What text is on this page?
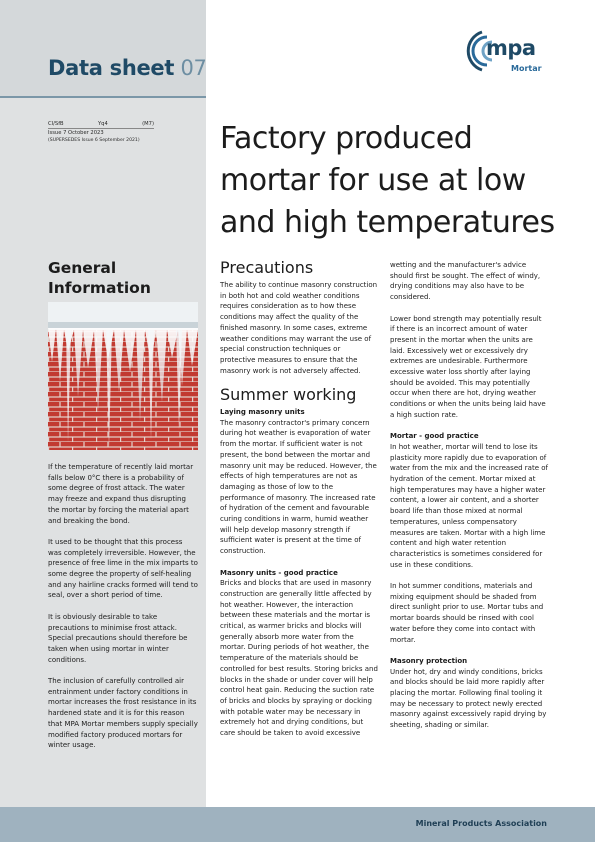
Data sheet 07
mpa
Mortar
CI/SfB	Yq4	(M7)
Issue 7 October 2023
(SUPERSEDES Issue 6 September 2021)	Factory produced
mortar for use at low
and high temperatures
General
Information

If the temperature of recently laid mortar falls below 0°C there is a probability of some degree of frost attack. The water may freeze and expand thus disrupting the mortar by forcing the material apart and breaking the bond.

It used to be thought that this process was completely irreversible. However, the presence of free lime in the mix imparts to some degree the property of self-healing and any hairline cracks formed will tend to seal, over a short period of time.

It is obviously desirable to take precautions to minimise frost attack. Special precautions should therefore be taken when using mortar in winter conditions.

The inclusion of carefully controlled air entrainment under factory conditions in mortar increases the frost resistance in its hardened state and it is for this reason that MPA Mortar members supply specially modified factory produced mortars for winter usage.

Precautions

The ability to continue masonry construction in both hot and cold weather conditions requires consideration as to how these conditions may affect the quality of the finished masonry. In some cases, extreme weather conditions may warrant the use of special construction techniques or protective measures to ensure that the masonry work is not adversely affected.

Summer working
Laying masonry units

The masonry contractor's primary concern during hot weather is evaporation of water from the mortar. If sufficient water is not present, the bond between the mortar and masonry unit may be reduced. However, the effects of high temperatures are not as damaging as those of low to the performance of masonry. The increased rate of hydration of the cement and favourable curing conditions in warm, humid weather will help develop masonry strength if sufficient water is present at the time of construction.

Masonry units - good practice

Bricks and blocks that are used in masonry construction are generally little affected by hot weather. However, the interaction between these materials and the mortar is critical, as warmer bricks and blocks will generally absorb more water from the mortar. During periods of hot weather, the temperature of the materials should be controlled for best results. Storing bricks and blocks in the shade or under cover will help control heat gain. Reducing the suction rate of bricks and blocks by spraying or docking with potable water may be necessary in extremely hot and drying conditions, but care should be taken to avoid excessive

wetting and the manufacturer's advice should first be sought. The effect of windy, drying conditions may also have to be considered.

Lower bond strength may potentially result if there is an incorrect amount of water present in the mortar when the units are laid. Excessively wet or excessively dry extremes are undesirable. Furthermore excessive water loss shortly after laying should be avoided. This may potentially occur when there are hot, drying weather conditions or when the units being laid have a high suction rate.

Mortar - good practice

In hot weather, mortar will tend to lose its plasticity more rapidly due to evaporation of water from the mix and the increased rate of hydration of the cement. Mortar mixed at high temperatures may have a higher water content, a lower air content, and a shorter board life than those mixed at normal temperatures, unless compensatory measures are taken. Mortar with a high lime content and high water retention characteristics is sometimes considered for use in these conditions.

In hot summer conditions, materials and mixing equipment should be shaded from direct sunlight prior to use. Mortar tubs and mortar boards should be rinsed with cool water before they come into contact with mortar.

Masonry protection

Under hot, dry and windy conditions, bricks and blocks should be laid more rapidly after placing the mortar. Following final tooling it may be necessary to protect newly erected masonry against excessively rapid drying by sheeting, shading or similar.

Mineral Products Association
